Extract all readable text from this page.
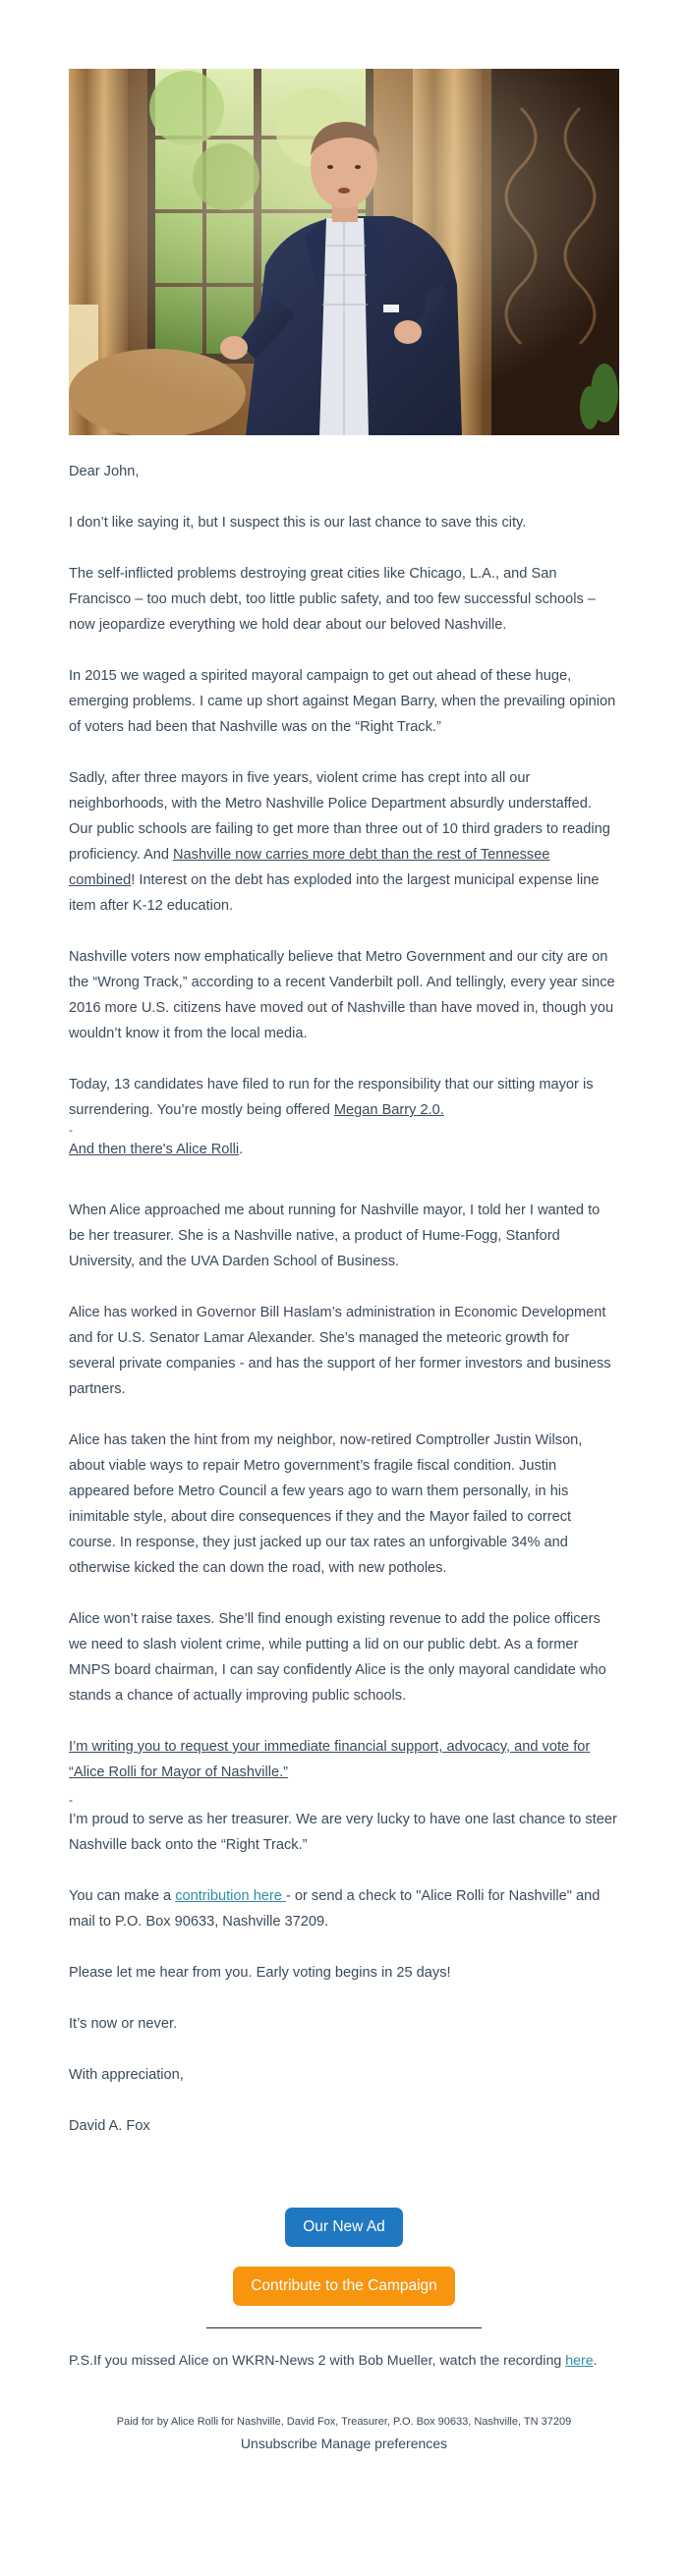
Dear John,

I don’t like saying it, but I suspect this is our last chance to save this city.

The self-inflicted problems destroying great cities like Chicago, L.A., and San Francisco – too much debt, too little public safety, and too few successful schools – now jeopardize everything we hold dear about our beloved Nashville.

In 2015 we waged a spirited mayoral campaign to get out ahead of these huge, emerging problems. I came up short against Megan Barry, when the prevailing opinion of voters had been that Nashville was on the “Right Track.”

Sadly, after three mayors in five years, violent crime has crept into all our neighborhoods, with the Metro Nashville Police Department absurdly understaffed. Our public schools are failing to get more than three out of 10 third graders to reading proficiency. And Nashville now carries more debt than the rest of Tennessee combined! Interest on the debt has exploded into the largest municipal expense line item after K-12 education.

Nashville voters now emphatically believe that Metro Government and our city are on the “Wrong Track,” according to a recent Vanderbilt poll. And tellingly, every year since 2016 more U.S. citizens have moved out of Nashville than have moved in, though you wouldn’t know it from the local media.

Today, 13 candidates have filed to run for the responsibility that our sitting mayor is surrendering. You’re mostly being offered Megan Barry 2.0.

-

And then there's Alice Rolli.

When Alice approached me about running for Nashville mayor, I told her I wanted to be her treasurer. She is a Nashville native, a product of Hume-Fogg, Stanford University, and the UVA Darden School of Business.

Alice has worked in Governor Bill Haslam’s administration in Economic Development and for U.S. Senator Lamar Alexander. She’s managed the meteoric growth for several private companies - and has the support of her former investors and business partners.

Alice has taken the hint from my neighbor, now-retired Comptroller Justin Wilson, about viable ways to repair Metro government’s fragile fiscal condition. Justin appeared before Metro Council a few years ago to warn them personally, in his inimitable style, about dire consequences if they and the Mayor failed to correct course. In response, they just jacked up our tax rates an unforgivable 34% and otherwise kicked the can down the road, with new potholes.

Alice won’t raise taxes. She’ll find enough existing revenue to add the police officers we need to slash violent crime, while putting a lid on our public debt. As a former MNPS board chairman, I can say confidently Alice is the only mayoral candidate who stands a chance of actually improving public schools.

I’m writing you to request your immediate financial support, advocacy, and vote for “Alice Rolli for Mayor of Nashville.”

-

I’m proud to serve as her treasurer. We are very lucky to have one last chance to steer Nashville back onto the “Right Track.”

You can make a contribution here - or send a check to "Alice Rolli for Nashville" and mail to P.O. Box 90633, Nashville 37209.

Please let me hear from you. Early voting begins in 25 days!

It’s now or never.

With appreciation,

David A. Fox

Our New Ad
Contribute to the Campaign
P.S.If you missed Alice on WKRN-News 2 with Bob Mueller, watch the recording here.
Paid for by Alice Rolli for Nashville, David Fox, Treasurer, P.O. Box 90633, Nashville, TN 37209
Unsubscribe Manage preferences
